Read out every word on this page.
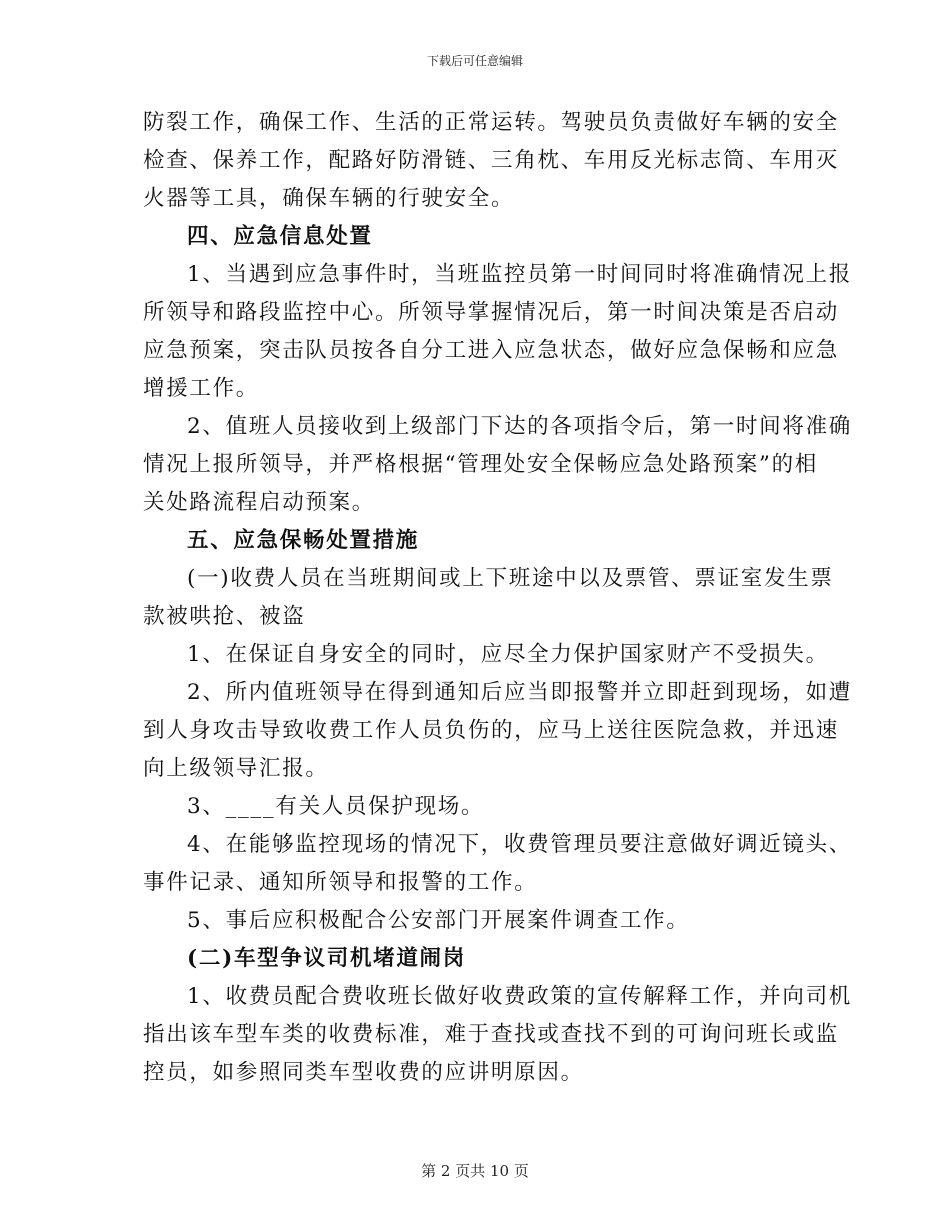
下载后可任意编辑
防裂工作，确保工作、生活的正常运转。驾驶员负责做好车辆的安全
检查、保养工作，配路好防滑链、三角枕、车用反光标志筒、车用灭
火器等工具，确保车辆的行驶安全。
四、应急信息处置
1、当遇到应急事件时，当班监控员第一时间同时将准确情况上报
所领导和路段监控中心。所领导掌握情况后，第一时间决策是否启动
应急预案，突击队员按各自分工进入应急状态，做好应急保畅和应急
增援工作。
2、值班人员接收到上级部门下达的各项指令后，第一时间将准确
情况上报所领导，并严格根据“管理处安全保畅应急处路预案”的相
关处路流程启动预案。
五、应急保畅处置措施
(一)收费人员在当班期间或上下班途中以及票管、票证室发生票
款被哄抢、被盗
1、在保证自身安全的同时，应尽全力保护国家财产不受损失。
2、所内值班领导在得到通知后应当即报警并立即赶到现场，如遭
到人身攻击导致收费工作人员负伤的，应马上送往医院急救，并迅速
向上级领导汇报。
3、____有关人员保护现场。
4、在能够监控现场的情况下，收费管理员要注意做好调近镜头、
事件记录、通知所领导和报警的工作。
5、事后应积极配合公安部门开展案件调查工作。
(二)车型争议司机堵道闹岗
1、收费员配合费收班长做好收费政策的宣传解释工作，并向司机
指出该车型车类的收费标准，难于查找或查找不到的可询问班长或监
控员，如参照同类车型收费的应讲明原因。
第 2 页共 10 页
